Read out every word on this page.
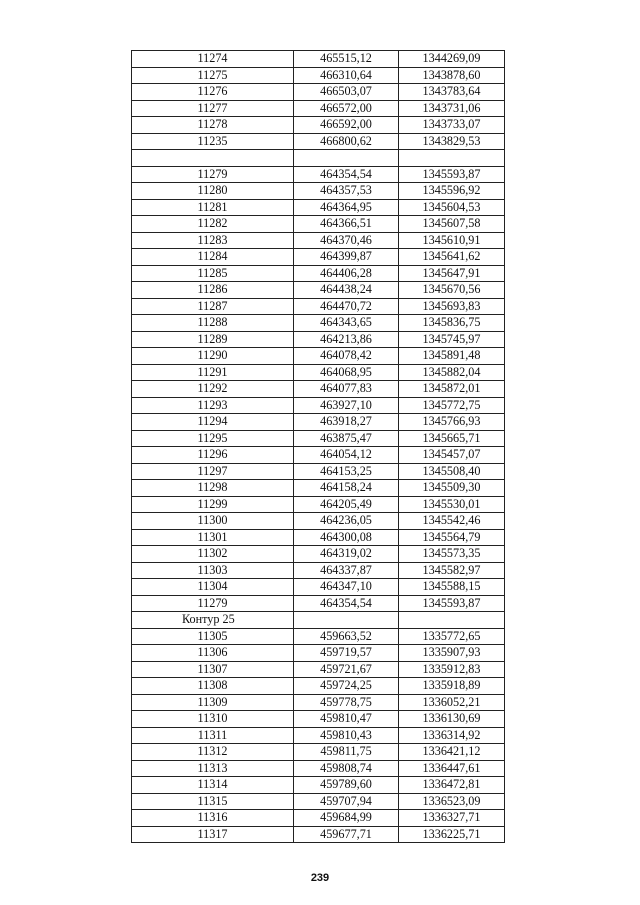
11274	465515,12	1344269,09
11275	466310,64	1343878,60
11276	466503,07	1343783,64
11277	466572,00	1343731,06
11278	466592,00	1343733,07
11235	466800,62	1343829,53

11279	464354,54	1345593,87
11280	464357,53	1345596,92
11281	464364,95	1345604,53
11282	464366,51	1345607,58
11283	464370,46	1345610,91
11284	464399,87	1345641,62
11285	464406,28	1345647,91
11286	464438,24	1345670,56
11287	464470,72	1345693,83
11288	464343,65	1345836,75
11289	464213,86	1345745,97
11290	464078,42	1345891,48
11291	464068,95	1345882,04
11292	464077,83	1345872,01
11293	463927,10	1345772,75
11294	463918,27	1345766,93
11295	463875,47	1345665,71
11296	464054,12	1345457,07
11297	464153,25	1345508,40
11298	464158,24	1345509,30
11299	464205,49	1345530,01
11300	464236,05	1345542,46
11301	464300,08	1345564,79
11302	464319,02	1345573,35
11303	464337,87	1345582,97
11304	464347,10	1345588,15
11279	464354,54	1345593,87
Контур 25		
11305	459663,52	1335772,65
11306	459719,57	1335907,93
11307	459721,67	1335912,83
11308	459724,25	1335918,89
11309	459778,75	1336052,21
11310	459810,47	1336130,69
11311	459810,43	1336314,92
11312	459811,75	1336421,12
11313	459808,74	1336447,61
11314	459789,60	1336472,81
11315	459707,94	1336523,09
11316	459684,99	1336327,71
11317	459677,71	1336225,71
239
